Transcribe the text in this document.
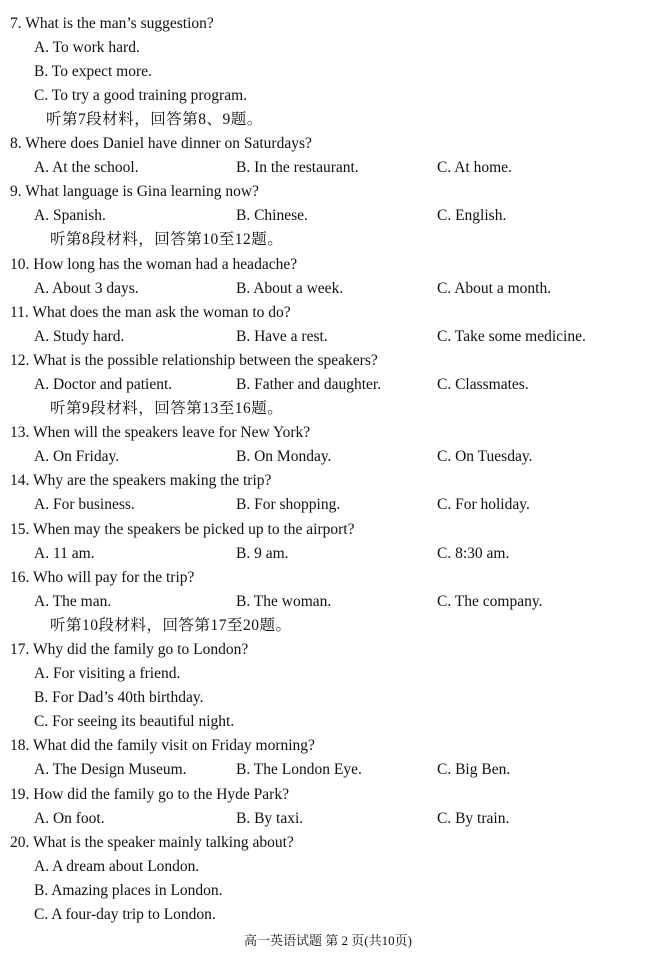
7. What is the man’s suggestion?
A. To work hard.
B. To expect more.
C. To try a good training program.
听第7段材料，回答第8、9题。
8. Where does Daniel have dinner on Saturdays?
A. At the school.	B. In the restaurant.	C. At home.
9. What language is Gina learning now?
A. Spanish.	B. Chinese.	C. English.
听第8段材料，回答第10至12题。
10. How long has the woman had a headache?
A. About 3 days.	B. About a week.	C. About a month.
11. What does the man ask the woman to do?
A. Study hard.	B. Have a rest.	C. Take some medicine.
12. What is the possible relationship between the speakers?
A. Doctor and patient.	B. Father and daughter.	C. Classmates.
听第9段材料，回答第13至16题。
13. When will the speakers leave for New York?
A. On Friday.	B. On Monday.	C. On Tuesday.
14. Why are the speakers making the trip?
A. For business.	B. For shopping.	C. For holiday.
15. When may the speakers be picked up to the airport?
A. 11 am.	B. 9 am.	C. 8:30 am.
16. Who will pay for the trip?
A. The man.	B. The woman.	C. The company.
听第10段材料，回答第17至20题。
17. Why did the family go to London?
A. For visiting a friend.
B. For Dad’s 40th birthday.
C. For seeing its beautiful night.
18. What did the family visit on Friday morning?
A. The Design Museum.	B. The London Eye.	C. Big Ben.
19. How did the family go to the Hyde Park?
A. On foot.	B. By taxi.	C. By train.
20. What is the speaker mainly talking about?
A. A dream about London.
B. Amazing places in London.
C. A four-day trip to London.
高一英语试题 第 2 页(共10页)
